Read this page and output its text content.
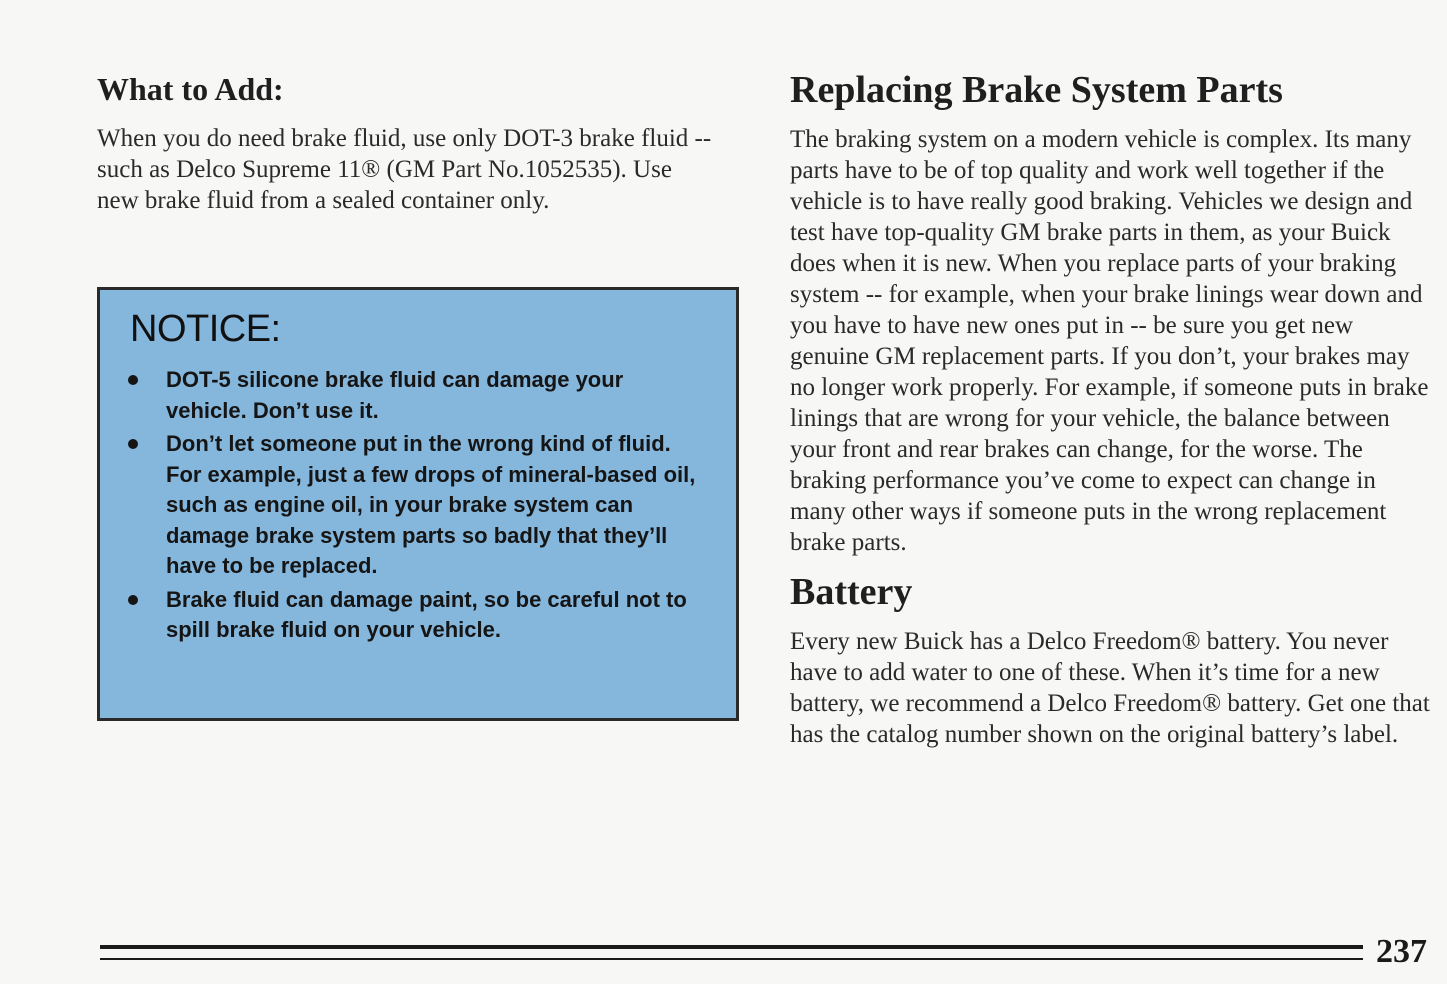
What to Add:

When you do need brake fluid, use only DOT-3 brake fluid -- such as Delco Supreme 11® (GM Part No.1052535). Use new brake fluid from a sealed container only.

NOTICE:
DOT-5 silicone brake fluid can damage your vehicle. Don’t use it.
Don’t let someone put in the wrong kind of fluid. For example, just a few drops of mineral-based oil, such as engine oil, in your brake system can damage brake system parts so badly that they’ll have to be replaced.
Brake fluid can damage paint, so be careful not to spill brake fluid on your vehicle.
Replacing Brake System Parts

The braking system on a modern vehicle is complex. Its many parts have to be of top quality and work well together if the vehicle is to have really good braking. Vehicles we design and test have top-quality GM brake parts in them, as your Buick does when it is new. When you replace parts of your braking system -- for example, when your brake linings wear down and you have to have new ones put in -- be sure you get new genuine GM replacement parts. If you don’t, your brakes may no longer work properly. For example, if someone puts in brake linings that are wrong for your vehicle, the balance between your front and rear brakes can change, for the worse. The braking performance you’ve come to expect can change in many other ways if someone puts in the wrong replacement brake parts.

Battery

Every new Buick has a Delco Freedom® battery. You never have to add water to one of these. When it’s time for a new battery, we recommend a Delco Freedom® battery. Get one that has the catalog number shown on the original battery’s label.

237
